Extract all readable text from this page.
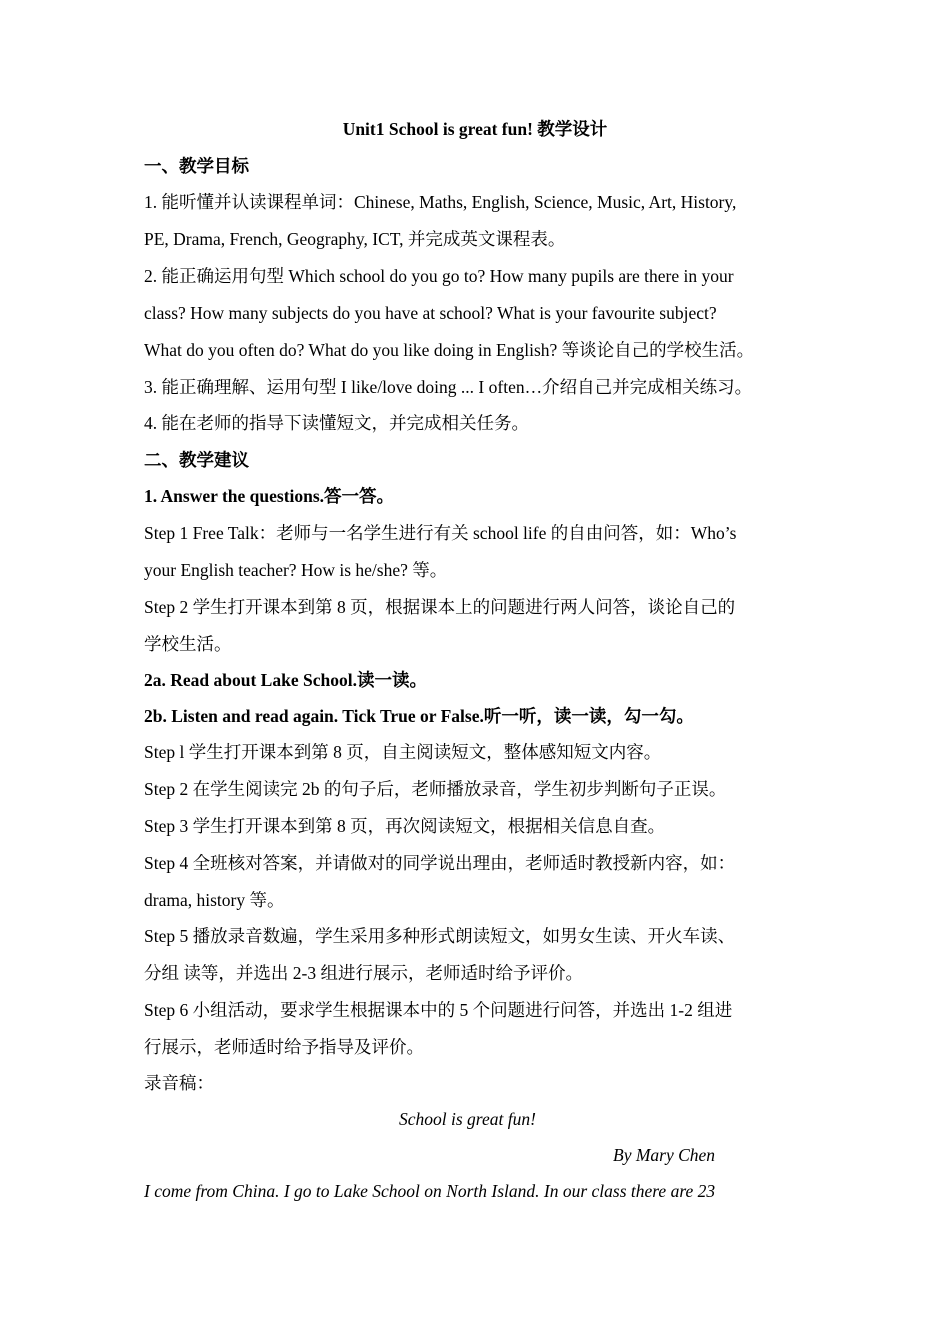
Unit1 School is great fun! 教学设计
一、教学目标
1. 能听懂并认读课程单词：Chinese, Maths, English, Science, Music, Art, History,
PE, Drama, French, Geography, ICT, 并完成英文课程表。
2. 能正确运用句型 Which school do you go to? How many pupils are there in your
class? How many subjects do you have at school? What is your favourite subject?
What do you often do? What do you like doing in English? 等谈论自己的学校生活。
3. 能正确理解、运用句型 I like/love doing ... I often…介绍自己并完成相关练习。
4. 能在老师的指导下读懂短文，并完成相关任务。
二、教学建议
1. Answer the questions.答一答。
Step 1 Free Talk：老师与一名学生进行有关 school life 的自由问答，如：Who’s
your English teacher? How is he/she? 等。
Step 2 学生打开课本到第 8 页，根据课本上的问题进行两人问答，谈论自己的
学校生活。
2a. Read about Lake School.读一读。
2b. Listen and read again. Tick True or False.听一听，读一读，勾一勾。
Step l 学生打开课本到第 8 页，自主阅读短文，整体感知短文内容。
Step 2 在学生阅读完 2b 的句子后，老师播放录音，学生初步判断句子正误。
Step 3 学生打开课本到第 8 页，再次阅读短文，根据相关信息自查。
Step 4 全班核对答案，并请做对的同学说出理由，老师适时教授新内容，如：
drama, history 等。
Step 5 播放录音数遍，学生采用多种形式朗读短文，如男女生读、开火车读、
分组 读等，并选出 2-3 组进行展示，老师适时给予评价。
Step 6 小组活动，要求学生根据课本中的 5 个问题进行问答，并选出 1-2 组进
行展示，老师适时给予指导及评价。
录音稿：
School is great fun!
By Mary Chen
I come from China. I go to Lake School on North Island. In our class there are 23
